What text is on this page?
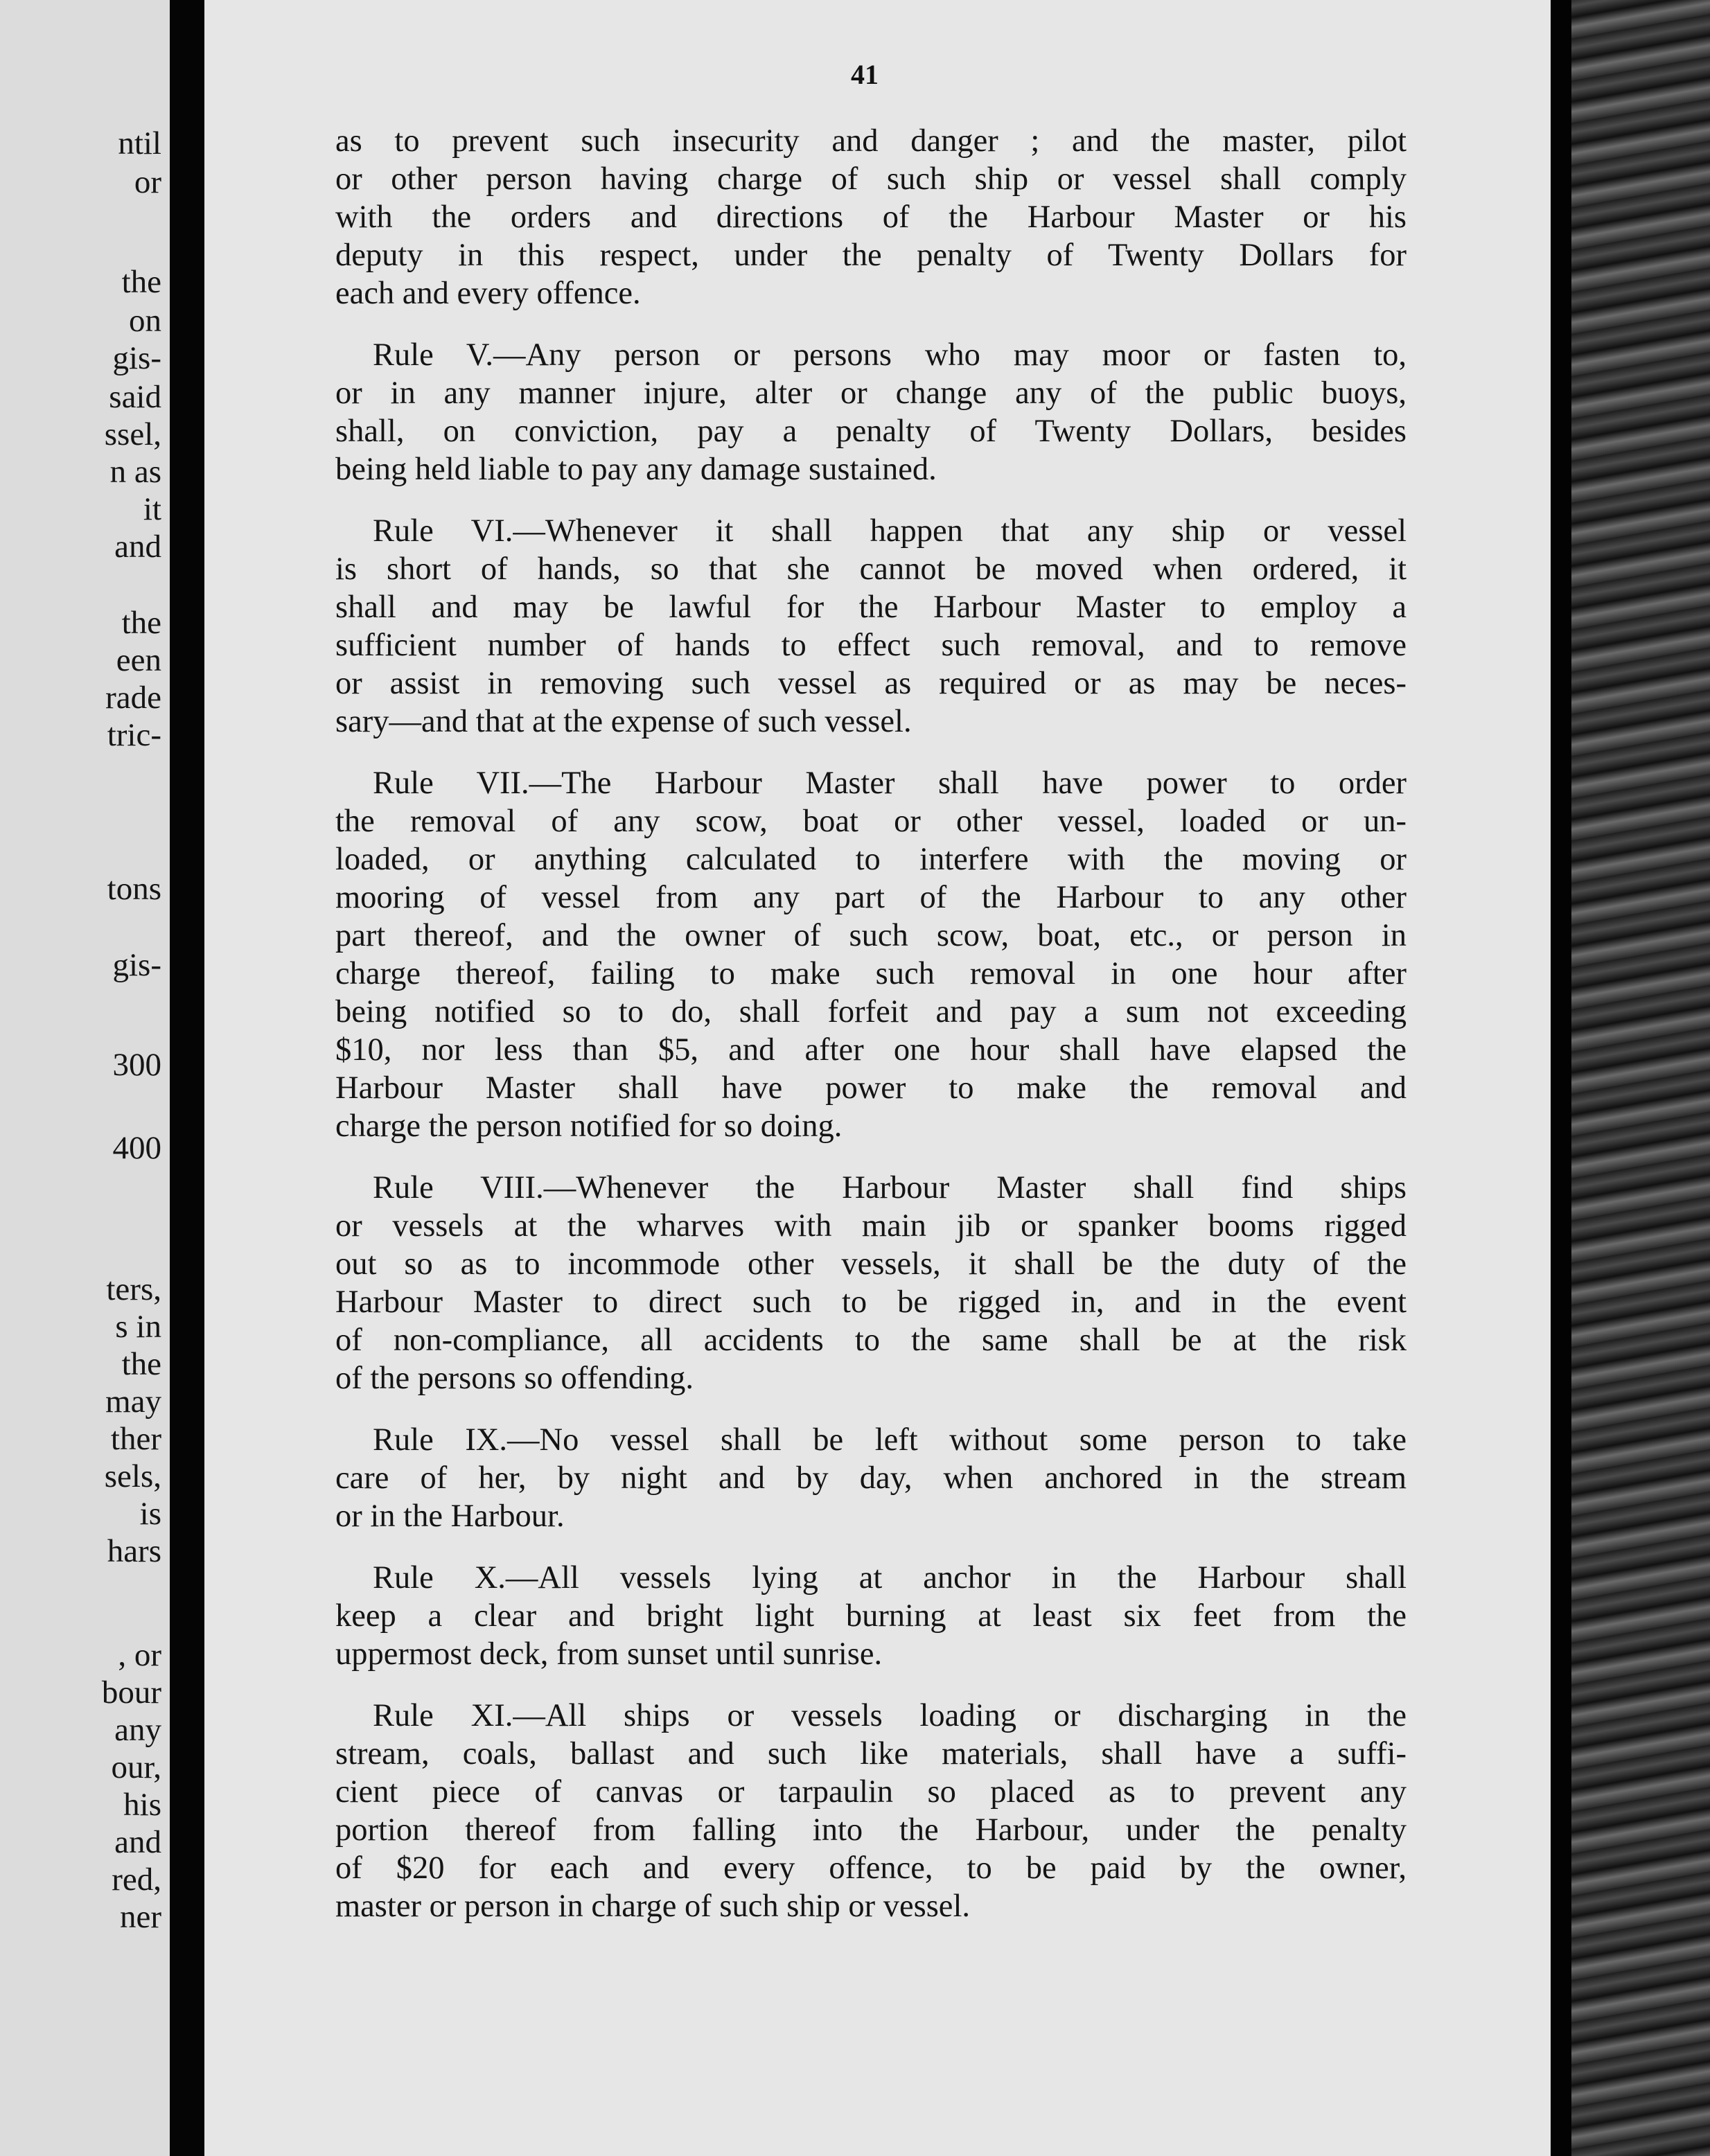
ntil

or

the

on

gis-

said

ssel,

n as

it

and

the

een

rade

tric-

tons

gis-

300

400

ters,

s in

the

may

ther

sels,

is

hars

, or

bour

any

our,

his

and

red,

ner

41

as to prevent such insecurity and danger ; and the master, pilot

or other person having charge of such ship or vessel shall comply

with the orders and directions of the Harbour Master or his

deputy in this respect, under the penalty of Twenty Dollars for

each and every offence.

Rule V.—Any person or persons who may moor or fasten to,

or in any manner injure, alter or change any of the public buoys,

shall, on conviction, pay a penalty of Twenty Dollars, besides

being held liable to pay any damage sustained.

Rule VI.—Whenever it shall happen that any ship or vessel

is short of hands, so that she cannot be moved when ordered, it

shall and may be lawful for the Harbour Master to employ a

sufficient number of hands to effect such removal, and to remove

or assist in removing such vessel as required or as may be neces-

sary—and that at the expense of such vessel.

Rule VII.—The Harbour Master shall have power to order

the removal of any scow, boat or other vessel, loaded or un-

loaded, or anything calculated to interfere with the moving or

mooring of vessel from any part of the Harbour to any other

part thereof, and the owner of such scow, boat, etc., or person in

charge thereof, failing to make such removal in one hour after

being notified so to do, shall forfeit and pay a sum not exceeding

$10, nor less than $5, and after one hour shall have elapsed the

Harbour Master shall have power to make the removal and

charge the person notified for so doing.

Rule VIII.—Whenever the Harbour Master shall find ships

or vessels at the wharves with main jib or spanker booms rigged

out so as to incommode other vessels, it shall be the duty of the

Harbour Master to direct such to be rigged in, and in the event

of non-compliance, all accidents to the same shall be at the risk

of the persons so offending.

Rule IX.—No vessel shall be left without some person to take

care of her, by night and by day, when anchored in the stream

or in the Harbour.

Rule X.—All vessels lying at anchor in the Harbour shall

keep a clear and bright light burning at least six feet from the

uppermost deck, from sunset until sunrise.

Rule XI.—All ships or vessels loading or discharging in the

stream, coals, ballast and such like materials, shall have a suffi-

cient piece of canvas or tarpaulin so placed as to prevent any

portion thereof from falling into the Harbour, under the penalty

of $20 for each and every offence, to be paid by the owner,

master or person in charge of such ship or vessel.
